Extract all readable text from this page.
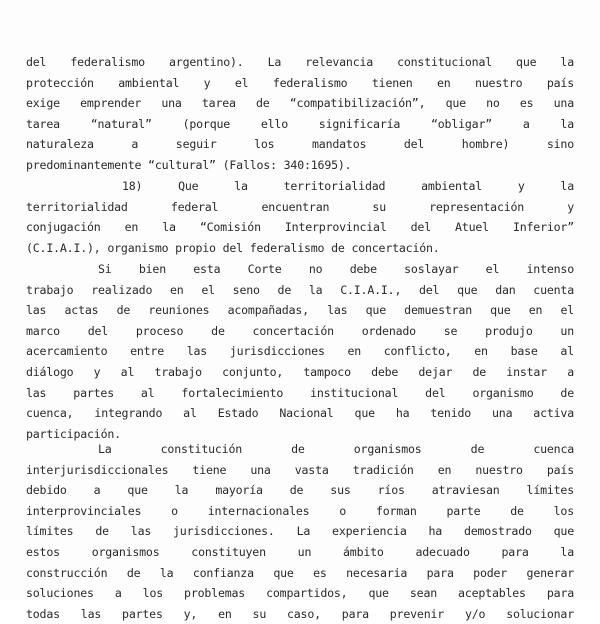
del federalismo argentino). La relevancia constitucional que la
protección ambiental y el federalismo tienen en nuestro país
exige emprender una tarea de “compatibilización”, que no es una
tarea “natural” (porque ello significaría “obligar” a la
naturaleza a seguir los mandatos del hombre) sino
predominantemente “cultural” (Fallos: 340:1695).
18) Que la territorialidad ambiental y la
territorialidad federal encuentran su representación y
conjugación en la “Comisión Interprovincial del Atuel Inferior”
(C.I.A.I.), organismo propio del federalismo de concertación.
Si bien esta Corte no debe soslayar el intenso
trabajo realizado en el seno de la C.I.A.I., del que dan cuenta
las actas de reuniones acompañadas, las que demuestran que en el
marco del proceso de concertación ordenado se produjo un
acercamiento entre las jurisdicciones en conflicto, en base al
diálogo y al trabajo conjunto, tampoco debe dejar de instar a
las partes al fortalecimiento institucional del organismo de
cuenca, integrando al Estado Nacional que ha tenido una activa
participación.
La constitución de organismos de cuenca
interjurisdiccionales tiene una vasta tradición en nuestro país
debido a que la mayoría de sus ríos atraviesan límites
interprovinciales o internacionales o forman parte de los
límites de las jurisdicciones. La experiencia ha demostrado que
estos organismos constituyen un ámbito adecuado para la
construcción de la confianza que es necesaria para poder generar
soluciones a los problemas compartidos, que sean aceptables para
todas las partes y, en su caso, para prevenir y/o solucionar
